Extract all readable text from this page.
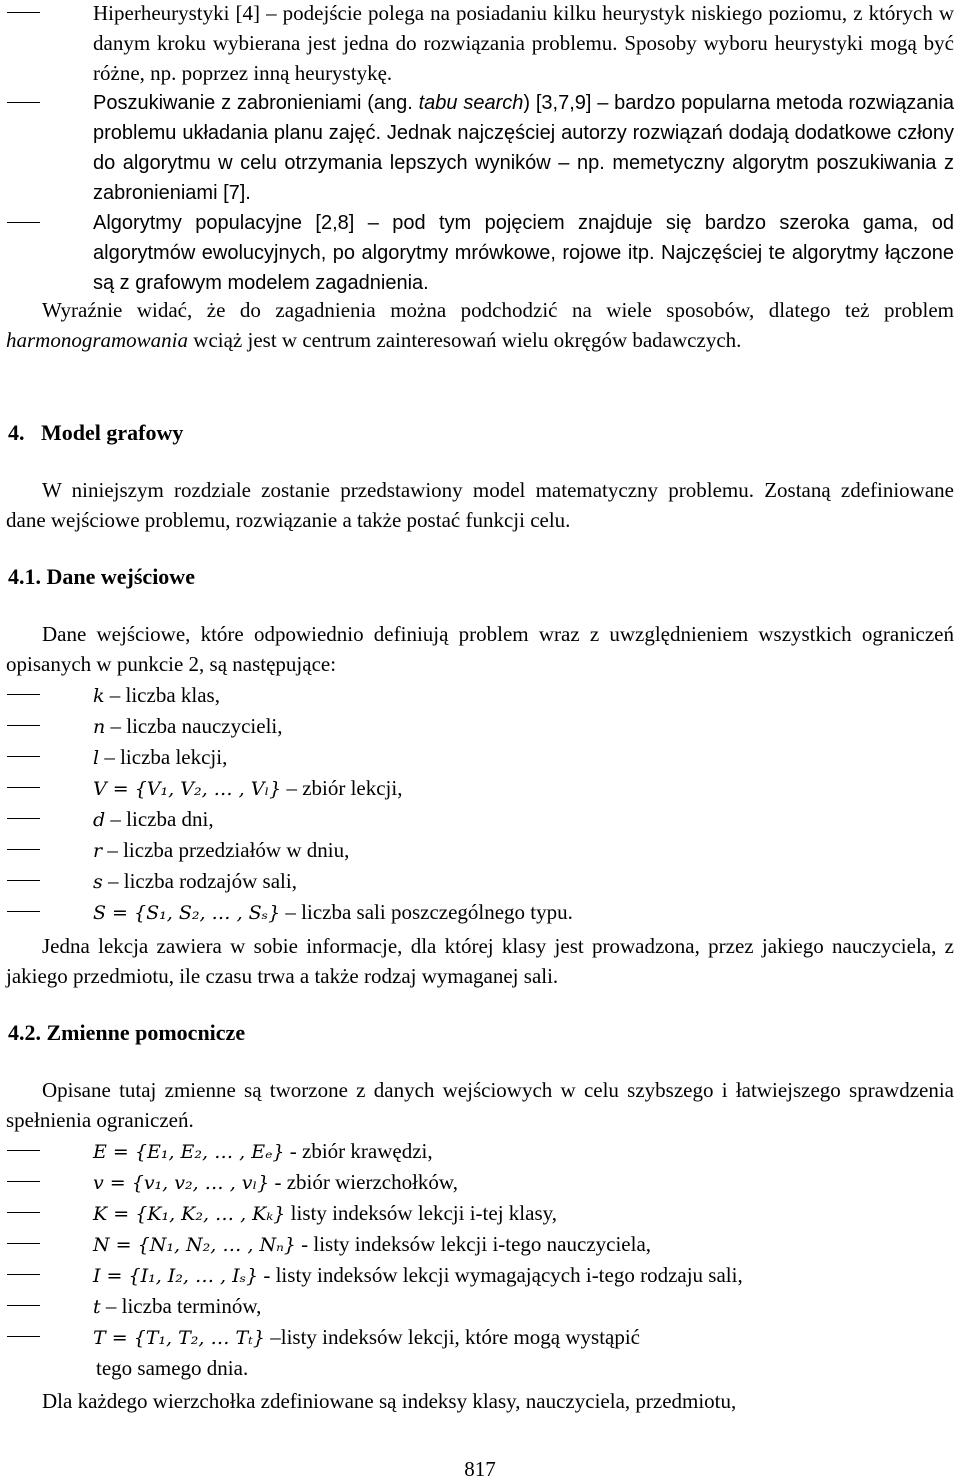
Hiperheurystyki [4] – podejście polega na posiadaniu kilku heurystyk niskiego poziomu, z których w danym kroku wybierana jest jedna do rozwiązania problemu. Sposoby wyboru heurystyki mogą być różne, np. poprzez inną heurystykę.
Poszukiwanie z zabronieniami (ang. tabu search) [3,7,9] – bardzo popularna metoda rozwiązania problemu układania planu zajęć. Jednak najczęściej autorzy rozwiązań dodają dodatkowe człony do algorytmu w celu otrzymania lepszych wyników – np. memetyczny algorytm poszukiwania z zabronieniami [7].
Algorytmy populacyjne [2,8] – pod tym pojęciem znajduje się bardzo szeroka gama, od algorytmów ewolucyjnych, po algorytmy mrówkowe, rojowe itp. Najczęściej te algorytmy łączone są z grafowym modelem zagadnienia.

Wyraźnie widać, że do zagadnienia można podchodzić na wiele sposobów, dlatego też problem harmonogramowania wciąż jest w centrum zainteresowań wielu okręgów badawczych.

4.   Model grafowy

W niniejszym rozdziale zostanie przedstawiony model matematyczny problemu. Zostaną zdefiniowane dane wejściowe problemu, rozwiązanie a także postać funkcji celu.

4.1. Dane wejściowe

Dane wejściowe, które odpowiednio definiują problem wraz z uwzględnieniem wszystkich ograniczeń opisanych w punkcie 2, są następujące:

k – liczba klas,
n – liczba nauczycieli,
l – liczba lekcji,
V = {V₁, V₂, … , Vₗ} – zbiór lekcji,
d – liczba dni,
r – liczba przedziałów w dniu,
s – liczba rodzajów sali,
S = {S₁, S₂, … , Sₛ} – liczba sali poszczególnego typu.

Jedna lekcja zawiera w sobie informacje, dla której klasy jest prowadzona, przez jakiego nauczyciela, z jakiego przedmiotu, ile czasu trwa a także rodzaj wymaganej sali.

4.2. Zmienne pomocnicze

Opisane tutaj zmienne są tworzone z danych wejściowych w celu szybszego i łatwiejszego sprawdzenia spełnienia ograniczeń.

E = {E₁, E₂, … , Eₑ} - zbiór krawędzi,
v = {v₁, v₂, … , vₗ} - zbiór wierzchołków,
K = {K₁, K₂, … , Kₖ} listy indeksów lekcji i-tej klasy,
N = {N₁, N₂, … , Nₙ} - listy indeksów lekcji i-tego nauczyciela,
I = {I₁, I₂, … , Iₛ} - listy indeksów lekcji wymagających i-tego rodzaju sali,
t – liczba terminów,
T = {T₁, T₂, … Tₜ} –listy indeksów lekcji, które mogą wystąpić
tego samego dnia.

Dla każdego wierzchołka zdefiniowane są indeksy klasy, nauczyciela, przedmiotu,

817
